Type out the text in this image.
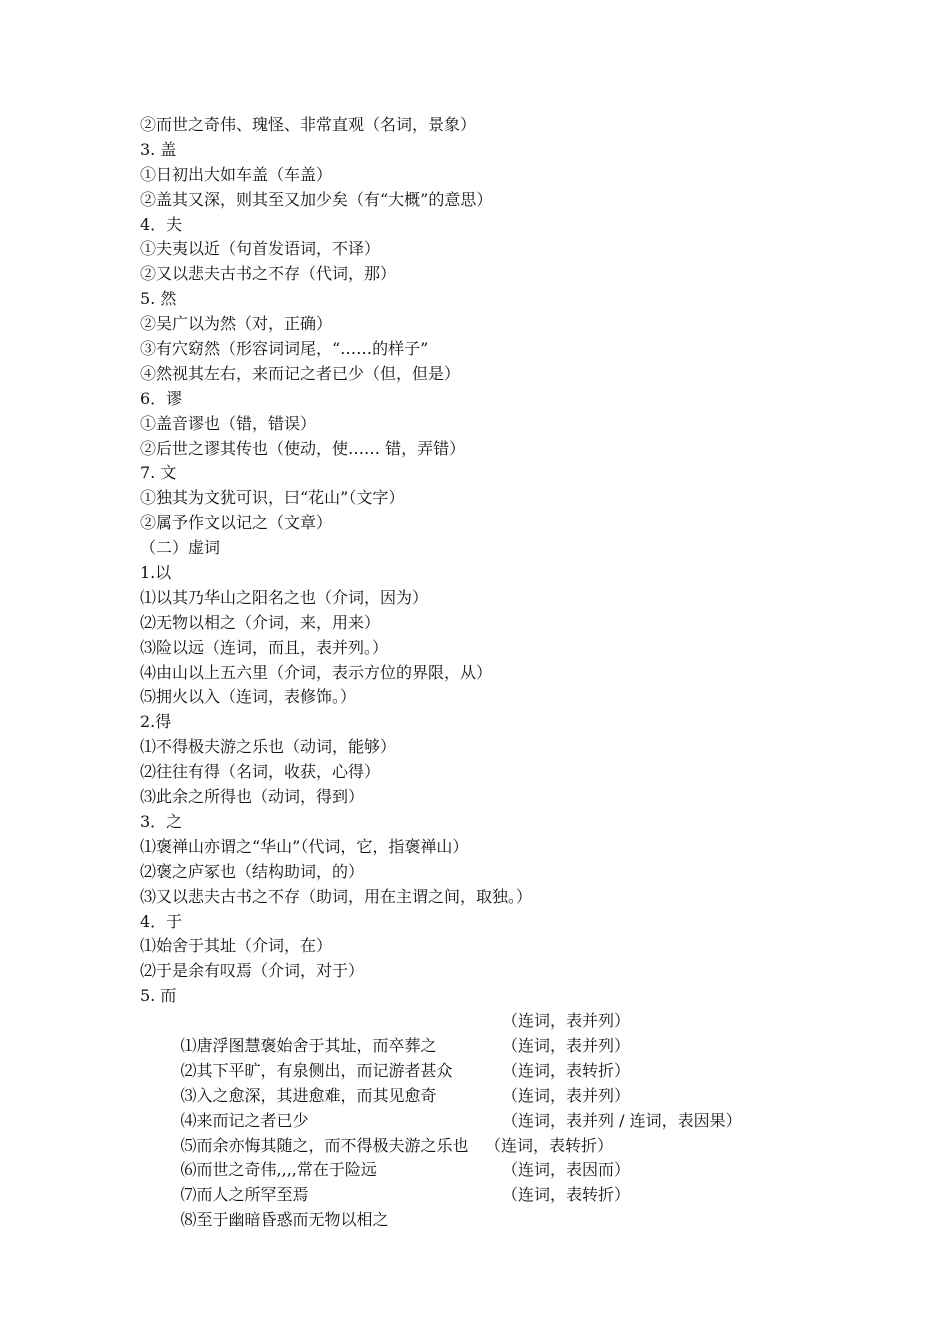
②而世之奇伟、瑰怪、非常直观（名词，景象）
3. 盖
①日初出大如车盖（车盖）
②盖其又深，则其至又加少矣（有“大概”的意思）
4．夫
①夫夷以近（句首发语词，不译）
②又以悲夫古书之不存（代词，那）
5. 然
②吴广以为然（对，正确）
③有穴窈然（形容词词尾，“……的样子”
④然视其左右，来而记之者已少（但，但是）
6．谬
①盖音谬也（错，错误）
②后世之谬其传也（使动，使…… 错，弄错）
7. 文
①独其为文犹可识，曰“花山”（文字）
②属予作文以记之（文章）
（二）虚词
1.以
⑴以其乃华山之阳名之也（介词，因为）
⑵无物以相之（介词，来，用来）
⑶险以远（连词，而且，表并列。）
⑷由山以上五六里（介词，表示方位的界限，从）
⑸拥火以入（连词，表修饰。）
2.得
⑴不得极夫游之乐也（动词，能够）
⑵往往有得（名词，收获，心得）
⑶此余之所得也（动词，得到）
3．之
⑴褒禅山亦谓之“华山”（代词，它，指褒禅山）
⑵褒之庐冢也（结构助词，的）
⑶又以悲夫古书之不存（助词，用在主谓之间，取独。）
4．于
⑴始舍于其址（介词，在）
⑵于是余有叹焉（介词，对于）
5. 而

⑴唐浮图慧褒始舍于其址，而卒葬之

（连词，表并列）

⑵其下平旷，有泉侧出，而记游者甚众

（连词，表并列）

⑶入之愈深，其进愈难，而其见愈奇

（连词，表转折）

⑷来而记之者已少

（连词，表并列）

⑸而余亦悔其随之，而不得极夫游之乐也

（连词，表并列 / 连词，表因果）

⑹而世之奇伟,,,,常在于险远

（连词，表转折）

⑺而人之所罕至焉

（连词，表因而）

⑻至于幽暗昏惑而无物以相之

（连词，表转折）
